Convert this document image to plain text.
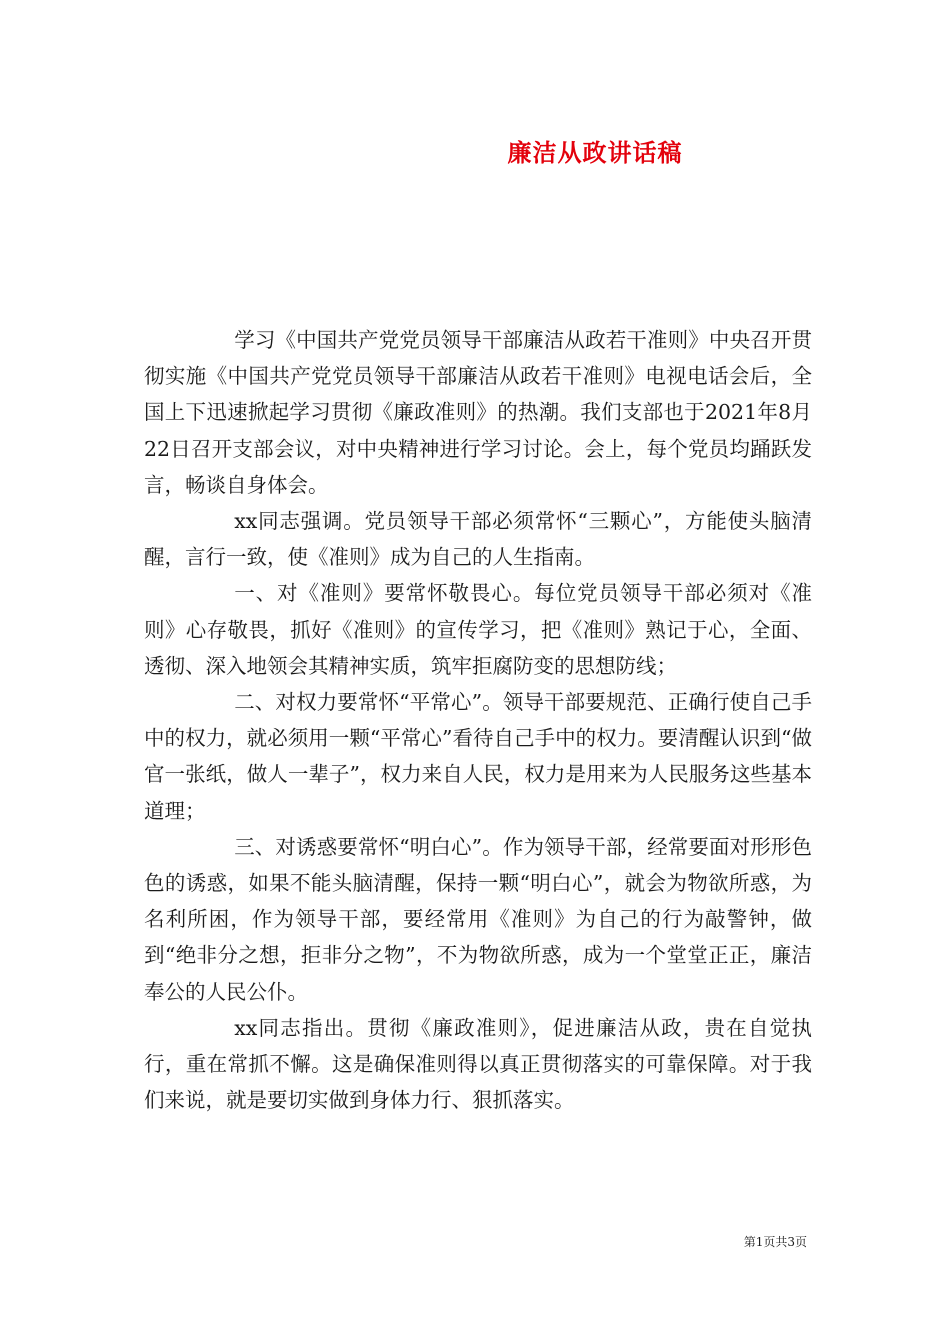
廉洁从政讲话稿

学习《中国共产党党员领导干部廉洁从政若干准则》中央召开贯彻实施《中国共产党党员领导干部廉洁从政若干准则》电视电话会后，全国上下迅速掀起学习贯彻《廉政准则》的热潮。我们支部也于2021年8月22日召开支部会议，对中央精神进行学习讨论。会上，每个党员均踊跃发言，畅谈自身体会。

xx同志强调。党员领导干部必须常怀“三颗心”，方能使头脑清醒，言行一致，使《准则》成为自己的人生指南。

一、对《准则》要常怀敬畏心。每位党员领导干部必须对《准则》心存敬畏，抓好《准则》的宣传学习，把《准则》熟记于心，全面、透彻、深入地领会其精神实质，筑牢拒腐防变的思想防线；

二、对权力要常怀“平常心”。领导干部要规范、正确行使自己手中的权力，就必须用一颗“平常心”看待自己手中的权力。要清醒认识到“做官一张纸，做人一辈子”，权力来自人民，权力是用来为人民服务这些基本道理；

三、对诱惑要常怀“明白心”。作为领导干部，经常要面对形形色色的诱惑，如果不能头脑清醒，保持一颗“明白心”，就会为物欲所惑，为名利所困，作为领导干部，要经常用《准则》为自己的行为敲警钟，做到“绝非分之想，拒非分之物”，不为物欲所惑，成为一个堂堂正正，廉洁奉公的人民公仆。

xx同志指出。贯彻《廉政准则》，促进廉洁从政，贵在自觉执行，重在常抓不懈。这是确保准则得以真正贯彻落实的可靠保障。对于我们来说，就是要切实做到身体力行、狠抓落实。

第1页共3页
